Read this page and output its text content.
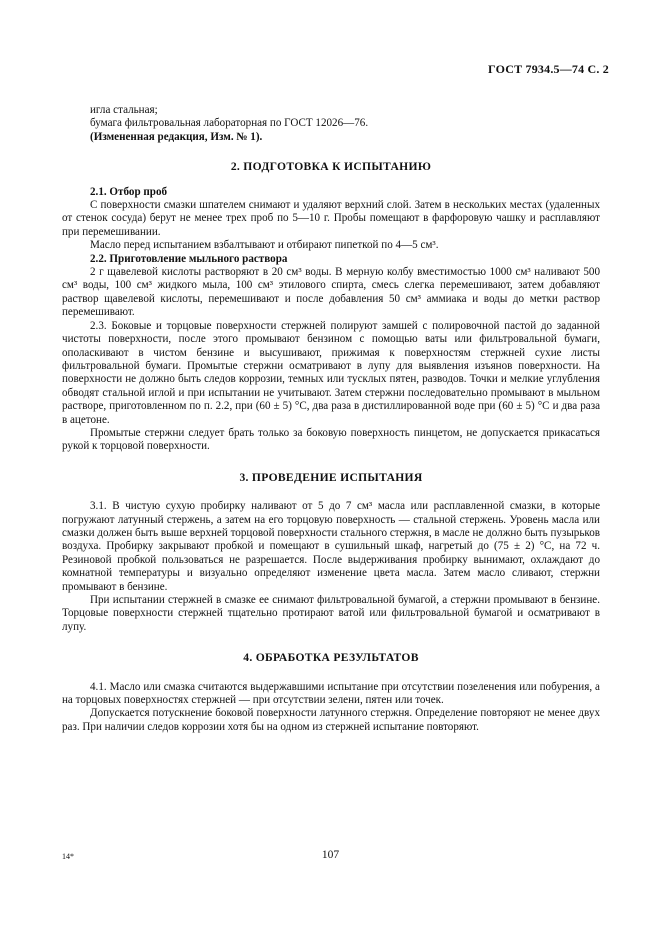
ГОСТ 7934.5—74 С. 2

игла стальная;

бумага фильтровальная лабораторная по ГОСТ 12026—76.

(Измененная редакция, Изм. № 1).

2. ПОДГОТОВКА К ИСПЫТАНИЮ

2.1. Отбор проб

С поверхности смазки шпателем снимают и удаляют верхний слой. Затем в нескольких местах (удаленных от стенок сосуда) берут не менее трех проб по 5—10 г. Пробы помещают в фарфоровую чашку и расплавляют при перемешивании.

Масло перед испытанием взбалтывают и отбирают пипеткой по 4—5 см³.

2.2. Приготовление мыльного раствора

2 г щавелевой кислоты растворяют в 20 см³ воды. В мерную колбу вместимостью 1000 см³ наливают 500 см³ воды, 100 см³ жидкого мыла, 100 см³ этилового спирта, смесь слегка перемешивают, затем добавляют раствор щавелевой кислоты, перемешивают и после добавления 50 см³ аммиака и воды до метки раствор перемешивают.

2.3. Боковые и торцовые поверхности стержней полируют замшей с полировочной пастой до заданной чистоты поверхности, после этого промывают бензином с помощью ваты или фильтровальной бумаги, ополаскивают в чистом бензине и высушивают, прижимая к поверхностям стержней сухие листы фильтровальной бумаги. Промытые стержни осматривают в лупу для выявления изъянов поверхности. На поверхности не должно быть следов коррозии, темных или тусклых пятен, разводов. Точки и мелкие углубления обводят стальной иглой и при испытании не учитывают. Затем стержни последовательно промывают в мыльном растворе, приготовленном по п. 2.2, при (60 ± 5) °С, два раза в дистиллированной воде при (60 ± 5) °С и два раза в ацетоне.

Промытые стержни следует брать только за боковую поверхность пинцетом, не допускается прикасаться рукой к торцовой поверхности.

3. ПРОВЕДЕНИЕ ИСПЫТАНИЯ

3.1. В чистую сухую пробирку наливают от 5 до 7 см³ масла или расплавленной смазки, в которые погружают латунный стержень, а затем на его торцовую поверхность — стальной стержень. Уровень масла или смазки должен быть выше верхней торцовой поверхности стального стержня, в масле не должно быть пузырьков воздуха. Пробирку закрывают пробкой и помещают в сушильный шкаф, нагретый до (75 ± 2) °С, на 72 ч. Резиновой пробкой пользоваться не разрешается. После выдерживания пробирку вынимают, охлаждают до комнатной температуры и визуально определяют изменение цвета масла. Затем масло сливают, стержни промывают в бензине.

При испытании стержней в смазке ее снимают фильтровальной бумагой, а стержни промывают в бензине. Торцовые поверхности стержней тщательно протирают ватой или фильтровальной бумагой и осматривают в лупу.

4. ОБРАБОТКА РЕЗУЛЬТАТОВ

4.1. Масло или смазка считаются выдержавшими испытание при отсутствии позеленения или побурения, а на торцовых поверхностях стержней — при отсутствии зелени, пятен или точек.

Допускается потускнение боковой поверхности латунного стержня. Определение повторяют не менее двух раз. При наличии следов коррозии хотя бы на одном из стержней испытание повторяют.

14*	107
